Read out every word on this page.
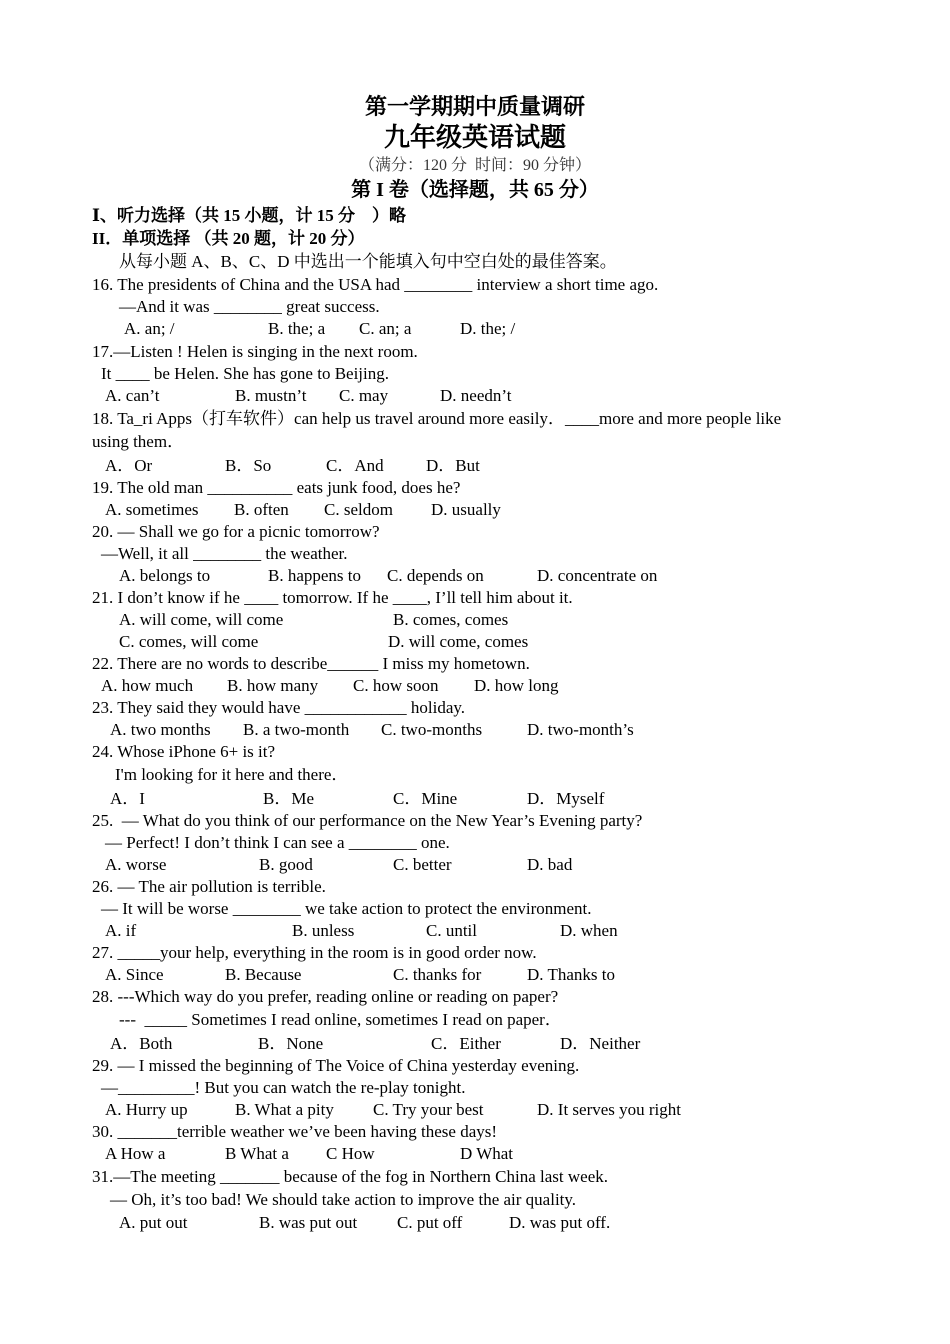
第一学期期中质量调研
九年级英语试题
（满分：120 分  时间：90 分钟）
第 I 卷（选择题，共 65 分）
Ⅰ、听力选择（共 15 小题，计 15 分　）略
II．单项选择 （共 20 题，计 20 分）
从每小题 A、B、C、D 中选出一个能填入句中空白处的最佳答案。
16. The presidents of China and the USA had ________ interview a short time ago.
—And it was ________ great success.
A. an; /	B. the; a C. an; a	D. the; /
17.—Listen ! Helen is singing in the next room.
It ____ be Helen. She has gone to Beijing.
A. can’t	B. mustn’t C. may	D. needn’t
18. Ta_ri Apps（打车软件）can help us travel around more easily．____more and more people like
using them．
A．Or	B．So	C．And D．But
19. The old man __________ eats junk food, does he?
A. sometimes B. often C. seldom D. usually
20. — Shall we go for a picnic tomorrow?
—Well, it all ________ the weather.
A. belongs to	B. happens to C. depends on	D. concentrate on
21. I don’t know if he ____ tomorrow. If he ____, I’ll tell him about it.
A. will come, will come	B. comes, comes
C. comes, will come	D. will come, comes
22. There are no words to describe______ I miss my hometown.
A. how much B. how many C. how soon D. how long
23. They said they would have ____________ holiday.
A. two months B. a two-month C. two-months	D. two-month’s
24. Whose iPhone 6+ is it?
I'm looking for it here and there．
A．I	B．Me	C．Mine	D．Myself
25.  — What do you think of our performance on the New Year’s Evening party?
— Perfect! I don’t think I can see a ________ one.
A. worse	B. good	C. better	D. bad
26. — The air pollution is terrible.
— It will be worse ________ we take action to protect the environment.
A. if	B. unless	C. until	D. when
27. _____your help, everything in the room is in good order now.
A. Since	B. Because	C. thanks for	D. Thanks to
28. ---Which way do you prefer, reading online or reading on paper?
---  _____ Sometimes I read online, sometimes I read on paper．
A．Both	B．None	C．Either	D．Neither
29. — I missed the beginning of The Voice of China yesterday evening.
—_________! But you can watch the re-play tonight.
A. Hurry up	B. What a pity C. Try your best	D. It serves you right
30. _______terrible weather we’ve been having these days!
A How a	B What a C How	D What
31.—The meeting _______ because of the fog in Northern China last week.
— Oh, it’s too bad! We should take action to improve the air quality.
A. put out	B. was put out C. put off	D. was put off.
